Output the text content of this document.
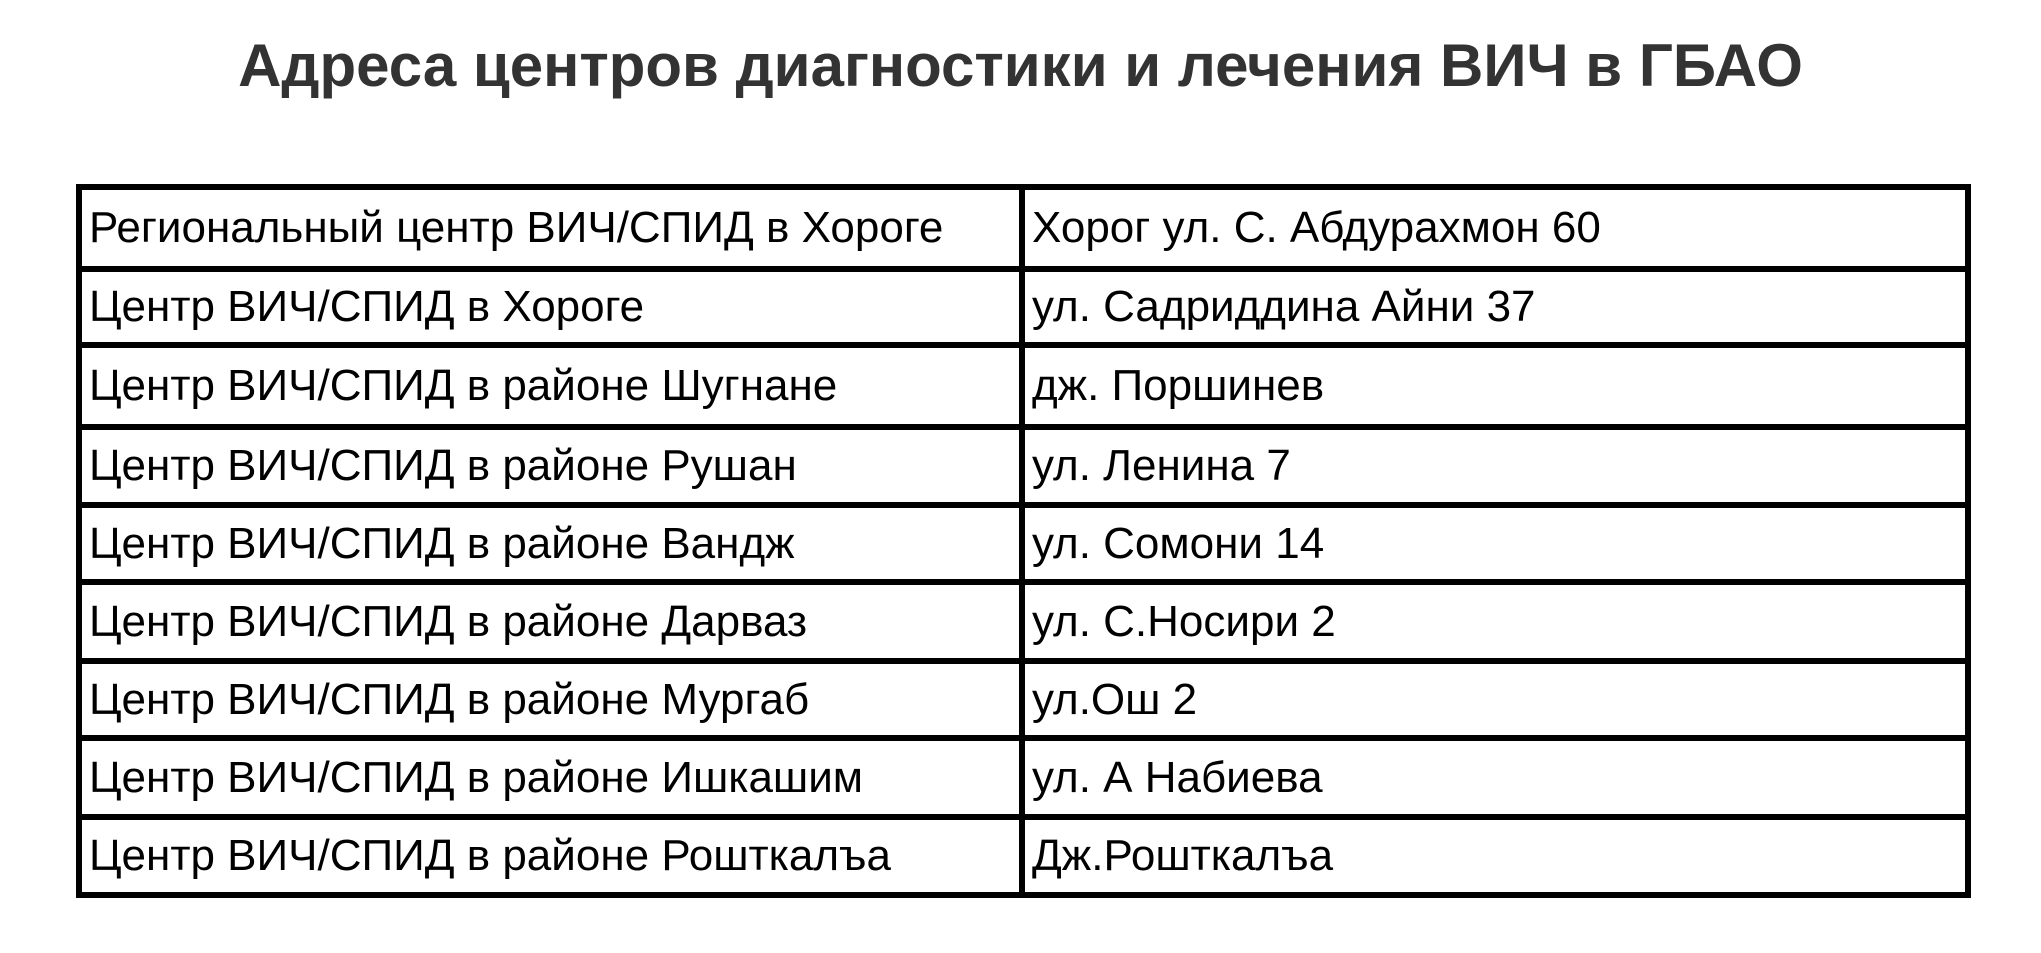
Адреса центров диагностики и лечения ВИЧ в ГБАО
Региональный центр ВИЧ/СПИД в Хороге	Хорог ул. С. Абдурахмон 60
Центр ВИЧ/СПИД в Хороге	ул. Садриддина Айни 37
Центр ВИЧ/СПИД в районе Шугнане	дж. Поршинев
Центр ВИЧ/СПИД в районе Рушан	ул. Ленина 7
Центр ВИЧ/СПИД в районе Вандж	ул. Сомони 14
Центр ВИЧ/СПИД в районе Дарваз	ул. С.Носири 2
Центр ВИЧ/СПИД в районе Мургаб	ул.Ош 2
Центр ВИЧ/СПИД в районе Ишкашим	ул. А Набиева
Центр ВИЧ/СПИД в районе Рошткалъа	Дж.Рошткалъа
